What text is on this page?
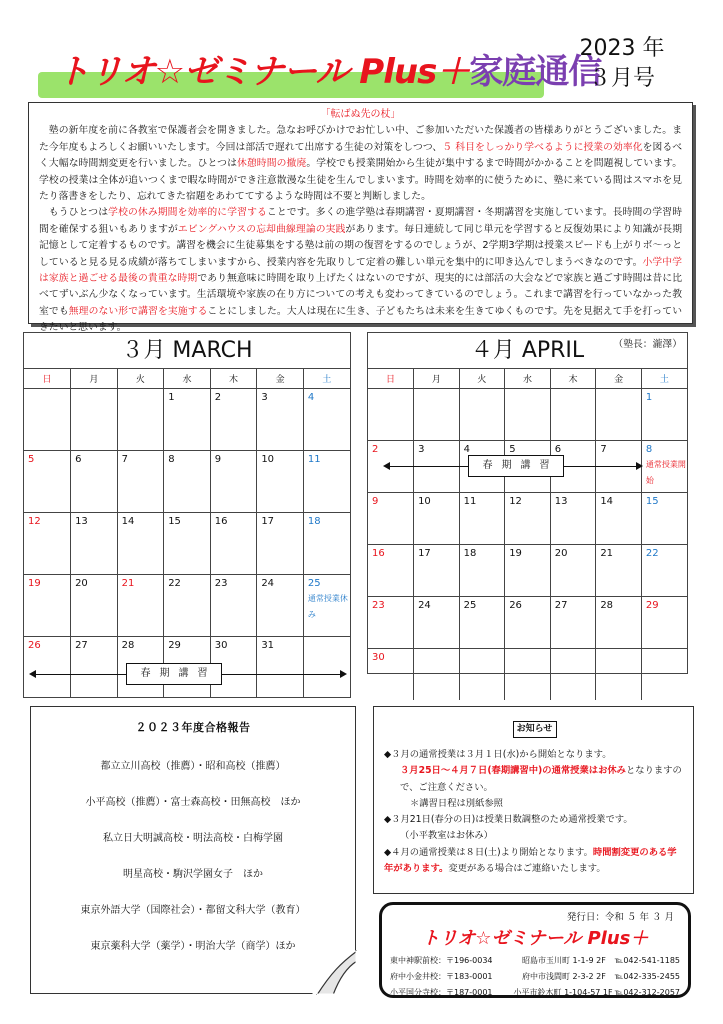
トリオ☆ゼミナール Plus＋家庭通信
2023 年
３月号
「転ばぬ先の杖」

塾の新年度を前に各教室で保護者会を開きました。急なお呼びかけでお忙しい中、ご参加いただいた保護者の皆様ありがとうございました。また今年度もよろしくお願いいたします。今回は部活で遅れて出席する生徒の対策をしつつ、５ 科目をしっかり学べるように授業の効率化を図るべく大幅な時間割変更を行いました。ひとつは休憩時間の撤廃。学校でも授業開始から生徒が集中するまで時間がかかることを問題視しています。学校の授業は全体が追いつくまで暇な時間ができ注意散漫な生徒を生んでしまいます。時間を効率的に使うために、塾に来ている間はスマホを見たり落書きをしたり、忘れてきた宿題をあわててするような時間は不要と判断しました。

もうひとつは学校の休み期間を効率的に学習することです。多くの進学塾は春期講習・夏期講習・冬期講習を実施しています。長時間の学習時間を確保する狙いもありますがエビングハウスの忘却曲線理論の実践があります。毎日連続して同じ単元を学習すると反復効果により知識が長期記憶として定着するものです。講習を機会に生徒募集をする塾は前の期の復習をするのでしょうが、2学期3学期は授業スピードも上がりボ～っとしていると見る見る成績が落ちてしまいますから、授業内容を先取りして定着の難しい単元を集中的に叩き込んでしまうべきなのです。小学中学は家族と過ごせる最後の貴重な時期であり無意味に時間を取り上げたくはないのですが、現実的には部活の大会などで家族と過ごす時間は昔に比べてずいぶん少なくなっています。生活環境や家族の在り方についての考えも変わってきているのでしょう。これまで講習を行っていなかった教室でも無理のない形で講習を実施することにしました。大人は現在に生き、子どもたちは未来を生きてゆくものです。先を見据えて手を打っていきたいと思います。

（塾長：瀧澤）
３月 MARCH
日	月	火	水	木	金	土
			1	2	3	4
5	6	7	8	9	10	11
12	13	14	15	16	17	18
19	20	21	22	23	24	25
通常授業休み

26	27	28	29	30	31	
春期講習
４月 APRIL
日	月	火	水	木	金	土
						1
2	3	4	5	6	7	8
通常授業開始

9	10	11	12	13	14	15
16	17	18	19	20	21	22
23	24	25	26	27	28	29
30						
春期講習
２０２３年度合格報告
都立立川高校（推薦）・昭和高校（推薦）
小平高校（推薦）・富士森高校・田無高校　ほか
私立日大明誠高校・明法高校・白梅学園
明星高校・駒沢学園女子　ほか
東京外語大学（国際社会）・都留文科大学（教育）
東京薬科大学（薬学）・明治大学（商学）ほか
お知らせ
◆３月の通常授業は３月１日(水)から開始となります。
３月25日～４月７日(春期講習中)の通常授業はお休みとなりますので、ご注意ください。
＊講習日程は別紙参照
◆３月21日(春分の日)は授業日数調整のため通常授業です。
（小平教室はお休み）
◆４月の通常授業は８日(土)より開始となります。時間割変更のある学年があります。変更がある場合はご連絡いたします。
発行日：令和 ５ 年 ３ 月
トリオ☆ゼミナール Plus＋
東中神駅前校：〒196-0034	昭島市玉川町 1-1-9 2F	℡042-541-1185
府中小金井校：〒183-0001	府中市浅間町 2-3-2 2F	℡042-335-2455
小平国分寺校：〒187-0001	小平市鈴木町 1-104-57 1F ℡042-312-2057
